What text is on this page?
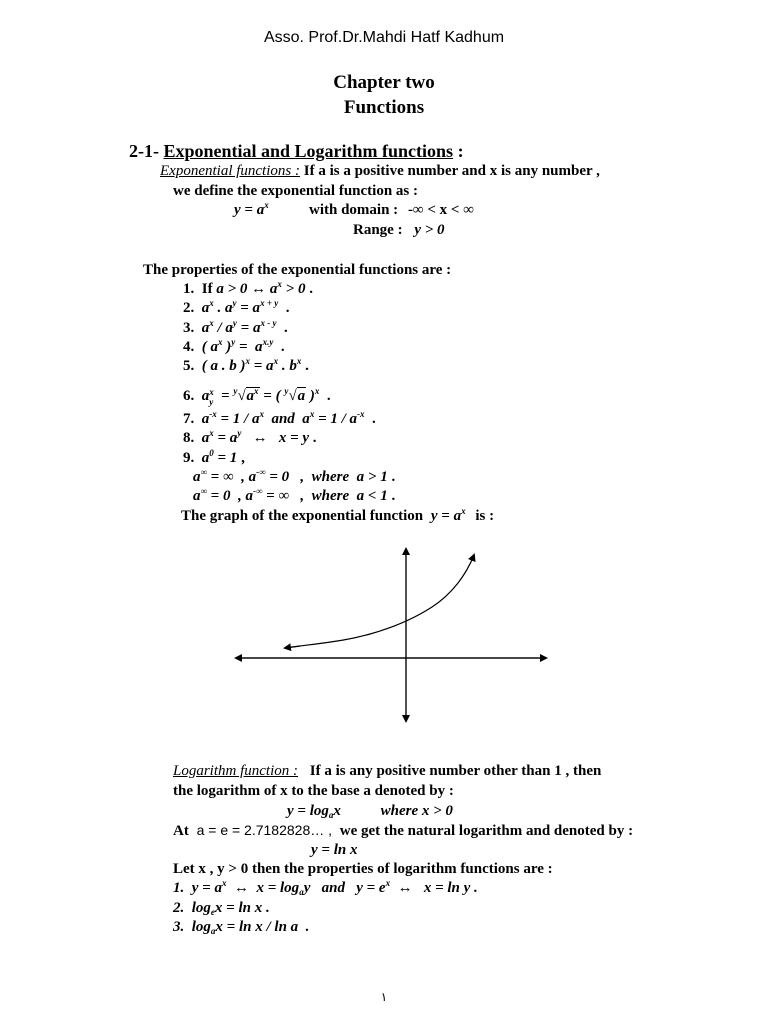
Asso. Prof.Dr.Mahdi Hatf Kadhum
Chapter two
Functions
2-1- Exponential and Logarithm functions :
Exponential functions : If a is a positive number and x is any number ,
we define the exponential function as :
$y = a^x$	with domain : -∞ < x < ∞
Range : y > 0
The properties of the exponential functions are :
1.  If a > 0 ↔ $a^x > 0$ .
2.  $a^x$ . $a^y = a^{x + y}$  .
3.  $a^x / a^y = a^{x - y}$  .
4.  ( $a^x$ )$^y = a^{x.y}$  .
5.  ( a . b )$^x = a^x$ . $b^x$ .
6.  a x
$y = ^y√a^x$ = ( $^y$√a )$^x$  .
7.  $a^{-x} = 1 / a^x$  and  $a^x = 1 / a^{-x}$  .
8.  $a^x = a^y$   ↔   x = y .
9.  $a^0 = 1$ ,
a∞ = ∞  , a-∞ = 0   ,  where  a > 1 .
a∞ = 0  , a-∞ = ∞   ,  where  a < 1 .
The graph of the exponential function $y = a^x$ is :
Logarithm function : If a is any positive number other than 1 , then
the logarithm of x to the base a denoted by :
$y = \log_ax$	where x > 0
At a = e = 2.7182828… , we get the natural logarithm and denoted by :
y = ln x
Let x , y > 0 then the properties of logarithm functions are :
1.  $y = a^x$  ↔  $x = \log_ay$   and   $y = e^x$  ↔   x = ln y .
2.  $\log_ex = \ln x$ .
3.  $\log_ax = \ln x / \ln a$  .
١
